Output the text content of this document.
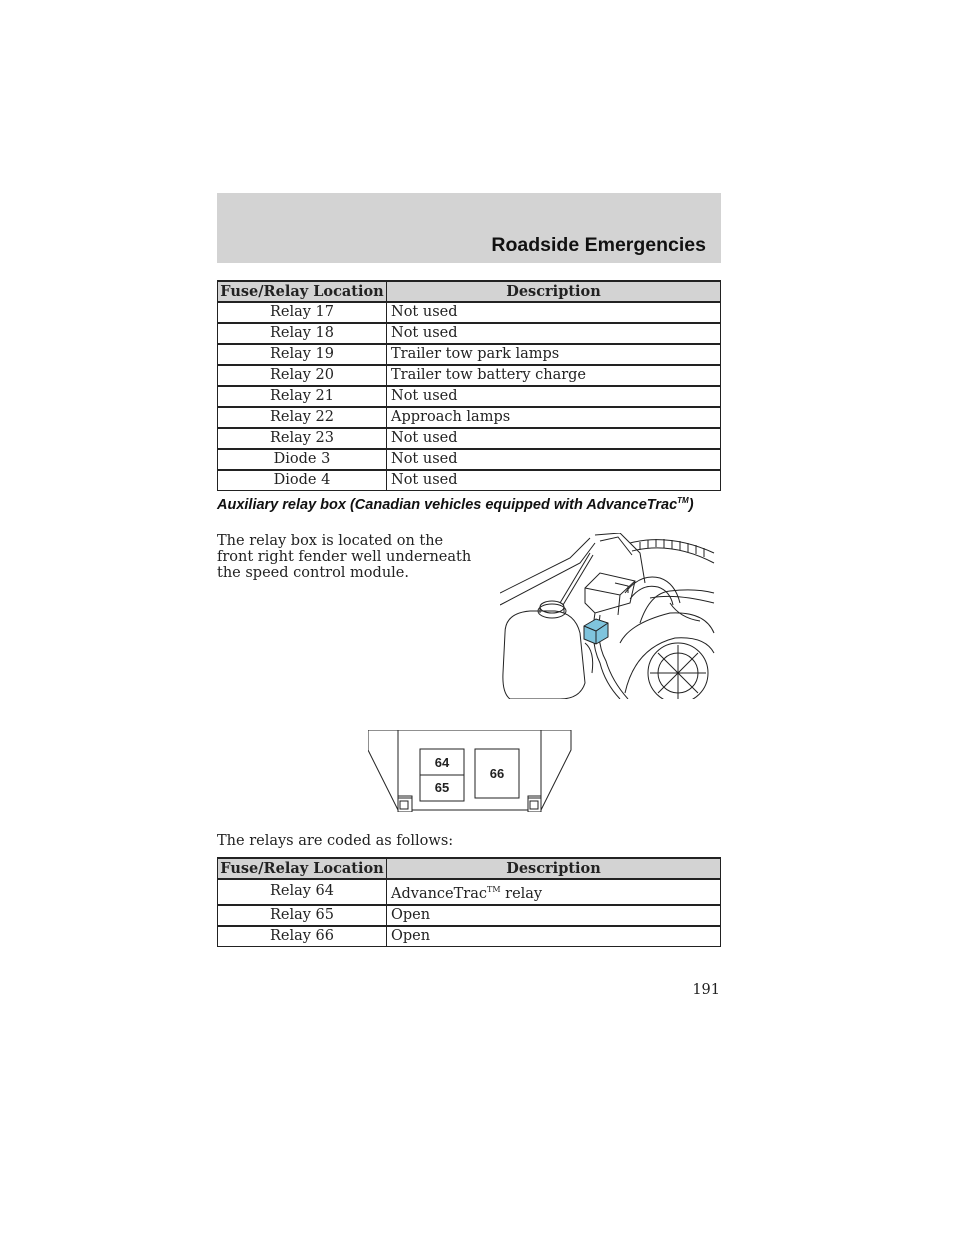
Roadside Emergencies
Fuse/Relay Location	Description
Relay 17	Not used
Relay 18	Not used
Relay 19	Trailer tow park lamps
Relay 20	Trailer tow battery charge
Relay 21	Not used
Relay 22	Approach lamps
Relay 23	Not used
Diode 3	Not used
Diode 4	Not used
Auxiliary relay box (Canadian vehicles equipped with AdvanceTrac™)
The relay box is located on the front right fender well underneath the speed control module.
64
65
66
The relays are coded as follows:
Fuse/Relay Location	Description
Relay 64	AdvanceTrac™ relay
Relay 65	Open
Relay 66	Open
191
